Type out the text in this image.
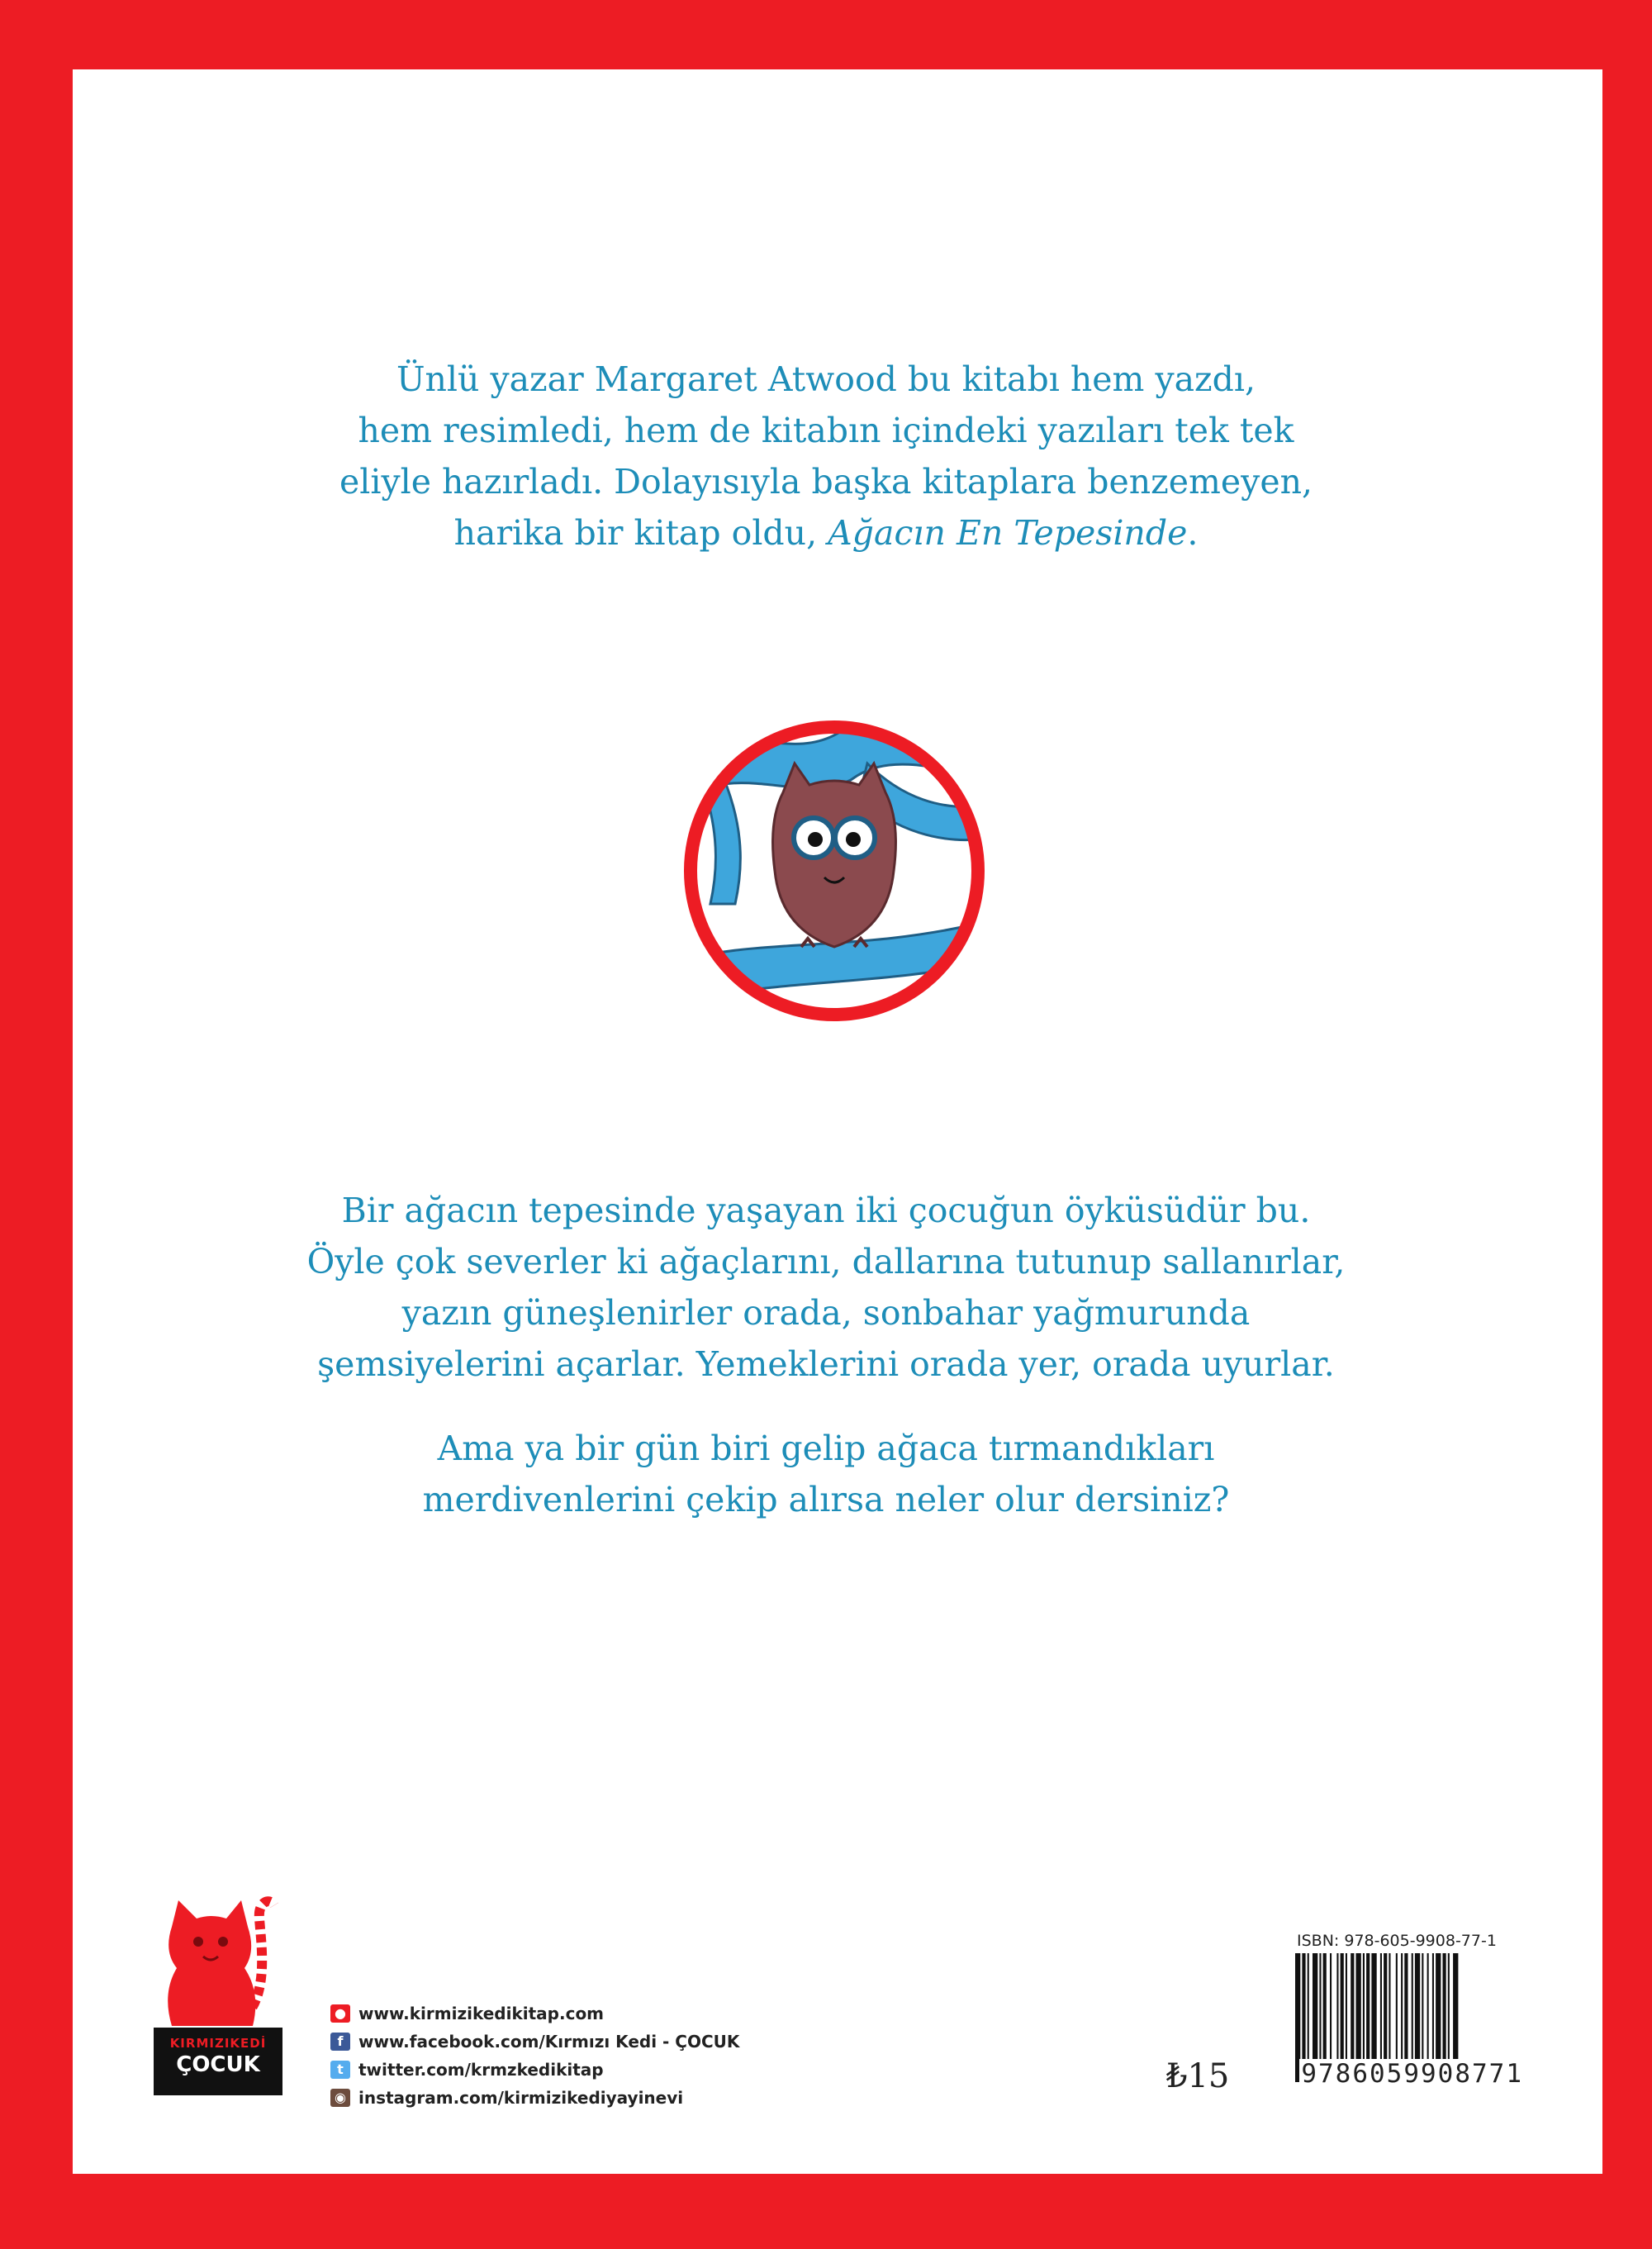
Ünlü yazar Margaret Atwood bu kitabı hem yazdı,
hem resimledi, hem de kitabın içindeki yazıları tek tek
eliyle hazırladı. Dolayısıyla başka kitaplara benzemeyen,
harika bir kitap oldu, Ağacın En Tepesinde.
Bir ağacın tepesinde yaşayan iki çocuğun öyküsüdür bu.
Öyle çok severler ki ağaçlarını, dallarına tutunup sallanırlar,
yazın güneşlenirler orada, sonbahar yağmurunda
şemsiyelerini açarlar. Yemeklerini orada yer, orada uyurlar.
Ama ya bir gün biri gelip ağaca tırmandıkları
merdivenlerini çekip alırsa neler olur dersiniz?
KIRMIZIKEDİ
ÇOCUK
● www.kirmizikedikitap.com
f www.facebook.com/Kırmızı Kedi - ÇOCUK
t twitter.com/krmzkedikitap
◉ instagram.com/kirmizikediyayinevi
₺15
ISBN: 978-605-9908-77-1
9786059908771
